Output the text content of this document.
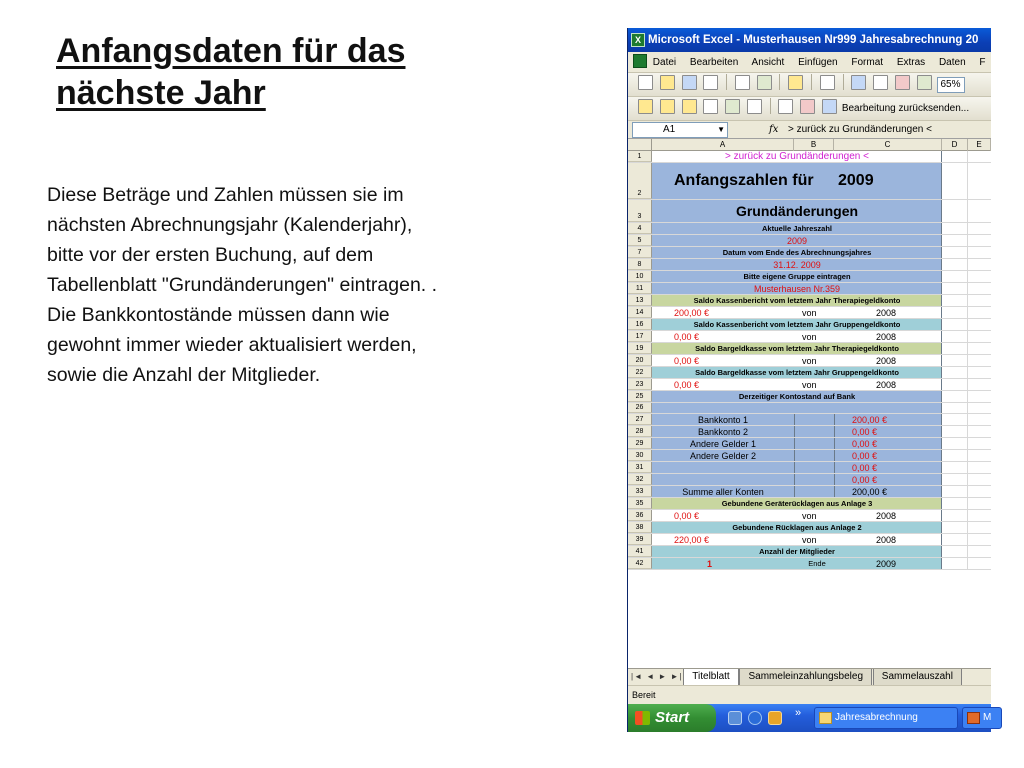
Anfangsdaten für das
nächste Jahr

Diese Beträge und Zahlen müssen sie im

nächsten Abrechnungsjahr (Kalenderjahr),

bitte vor der ersten Buchung, auf dem

Tabellenblatt "Grundänderungen" eintragen. .

Die Bankkontostände müssen dann wie

gewohnt immer wieder aktualisiert werden,

sowie die Anzahl der Mitglieder.

X Microsoft Excel - Musterhausen Nr999 Jahresabrechnung 20
Datei Bearbeiten Ansicht Einfügen Format Extras Daten F
65%
Bearbeitung zurücksenden...
A1	▼	fx > zurück zu Grundänderungen <
A	B	C	D	E
1	> zurück zu Grundänderungen <
2
Anfangszahlen für	2009
3	Grundänderungen
4	Aktuelle Jahreszahl
5	2009
7	Datum vom Ende des Abrechnungsjahres
8	31.12. 2009
10	Bitte eigene Gruppe eintragen
11	Musterhausen Nr.359
13	Saldo Kassenbericht vom letztem Jahr Therapiegeldkonto
14	200,00 €	von	2008
16	Saldo Kassenbericht vom letztem Jahr Gruppengeldkonto
17	0,00 €	von	2008
19	Saldo Bargeldkasse vom letztem Jahr Therapiegeldkonto
20	0,00 €	von	2008
22	Saldo Bargeldkasse vom letztem Jahr Gruppengeldkonto
23	0,00 €	von	2008
25	Derzeitiger Kontostand auf Bank
26
27	Bankkonto 1	200,00 €
28	Bankkonto 2	0,00 €
29	Andere Gelder 1	0,00 €
30	Andere Gelder 2	0,00 €
31	0,00 €
32	0,00 €
33	Summe aller Konten	200,00 €
35	Gebundene Geräterücklagen aus Anlage 3
36	0,00 €	von	2008
38	Gebundene Rücklagen aus Anlage 2
39	220,00 €	von	2008
41	Anzahl der Mitglieder
42	1	Ende	2009
|◄ ◄ ► ►| Titelblatt Sammeleinzahlungsbeleg Sammelauszahl
Bereit
Start	»	Jahresabrechnung	M
